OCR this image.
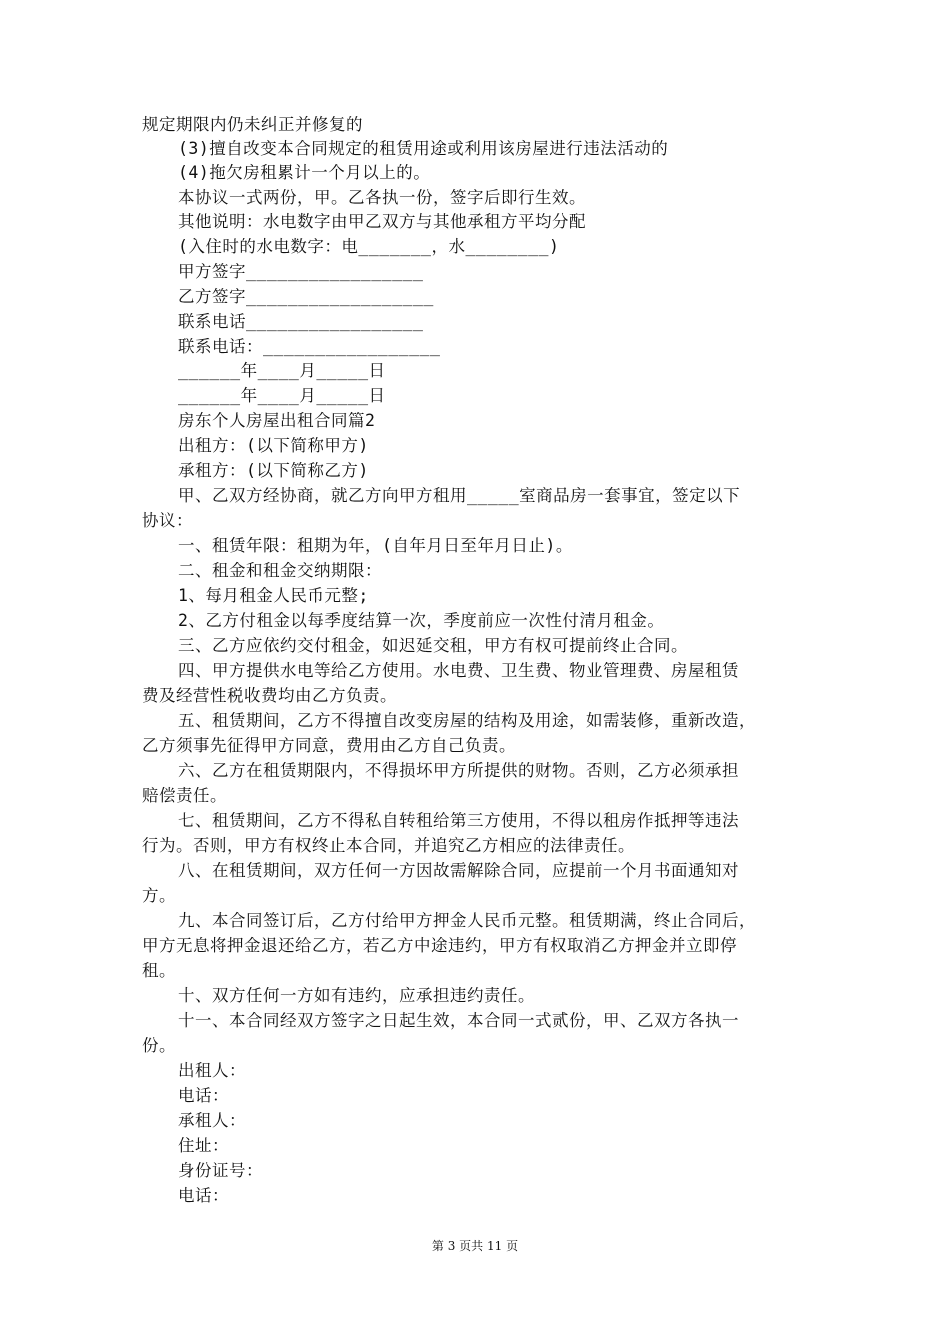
规定期限内仍未纠正并修复的
(3)擅自改变本合同规定的租赁用途或利用该房屋进行违法活动的
(4)拖欠房租累计一个月以上的。
本协议一式两份，甲。乙各执一份，签字后即行生效。
其他说明：水电数字由甲乙双方与其他承租方平均分配
(入住时的水电数字：电_______，水________)
甲方签字_________________
乙方签字__________________
联系电话_________________
联系电话：_________________
______年____月_____日
______年____月_____日
房东个人房屋出租合同篇2
出租方：(以下简称甲方)
承租方：(以下简称乙方)
甲、乙双方经协商，就乙方向甲方租用_____室商品房一套事宜，签定以下
协议：
一、租赁年限：租期为年，(自年月日至年月日止)。
二、租金和租金交纳期限：
1、每月租金人民币元整;
2、乙方付租金以每季度结算一次，季度前应一次性付清月租金。
三、乙方应依约交付租金，如迟延交租，甲方有权可提前终止合同。
四、甲方提供水电等给乙方使用。水电费、卫生费、物业管理费、房屋租赁
费及经营性税收费均由乙方负责。
五、租赁期间，乙方不得擅自改变房屋的结构及用途，如需装修，重新改造，
乙方须事先征得甲方同意，费用由乙方自己负责。
六、乙方在租赁期限内，不得损坏甲方所提供的财物。否则，乙方必须承担
赔偿责任。
七、租赁期间，乙方不得私自转租给第三方使用，不得以租房作抵押等违法
行为。否则，甲方有权终止本合同，并追究乙方相应的法律责任。
八、在租赁期间，双方任何一方因故需解除合同，应提前一个月书面通知对
方。
九、本合同签订后，乙方付给甲方押金人民币元整。租赁期满，终止合同后，
甲方无息将押金退还给乙方，若乙方中途违约，甲方有权取消乙方押金并立即停
租。
十、双方任何一方如有违约，应承担违约责任。
十一、本合同经双方签字之日起生效，本合同一式贰份，甲、乙双方各执一
份。
出租人：
电话：
承租人：
住址：
身份证号：
电话：
第 3 页共 11 页
